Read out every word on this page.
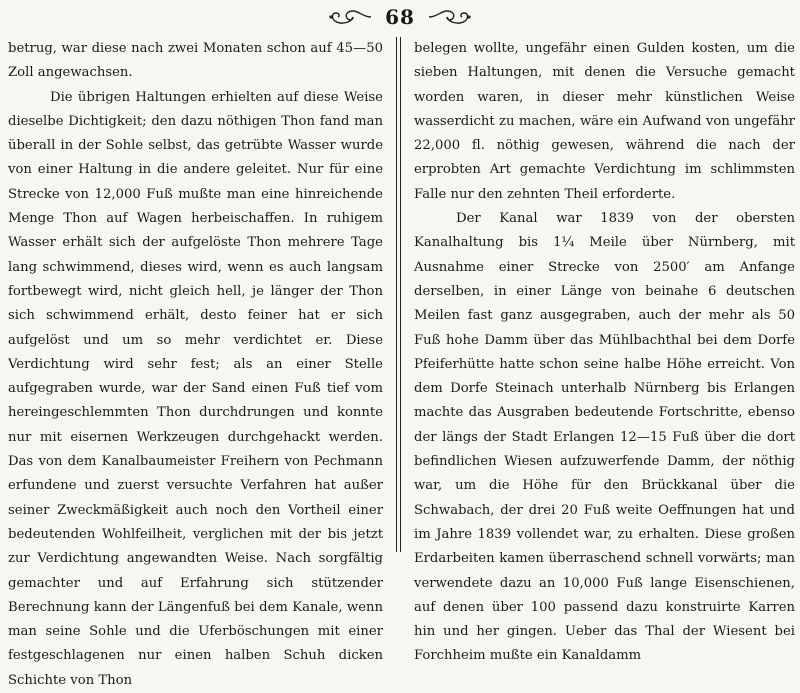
68

betrug, war diese nach zwei Monaten schon auf 45—50 Zoll angewachsen.

Die übrigen Haltungen erhielten auf diese Weise dieselbe Dichtigkeit; den dazu nöthigen Thon fand man überall in der Sohle selbst, das getrübte Wasser wurde von einer Haltung in die andere geleitet. Nur für eine Strecke von 12,000 Fuß mußte man eine hinreichende Menge Thon auf Wagen herbeischaffen. In ruhigem Wasser erhält sich der aufgelöste Thon mehrere Tage lang schwimmend, dieses wird, wenn es auch langsam fortbewegt wird, nicht gleich hell, je länger der Thon sich schwimmend erhält, desto feiner hat er sich aufgelöst und um so mehr verdichtet er. Diese Verdichtung wird sehr fest; als an einer Stelle aufgegraben wurde, war der Sand einen Fuß tief vom hereingeschlemmten Thon durchdrungen und konnte nur mit eisernen Werkzeugen durchgehackt werden. Das von dem Kanalbaumeister Freihern von Pechmann erfundene und zuerst versuchte Verfahren hat außer seiner Zweckmäßigkeit auch noch den Vortheil einer bedeutenden Wohlfeilheit, verglichen mit der bis jetzt zur Verdichtung angewandten Weise. Nach sorgfältig gemachter und auf Erfahrung sich stützender Berechnung kann der Längenfuß bei dem Kanale, wenn man seine Sohle und die Uferböschungen mit einer festgeschlagenen nur einen halben Schuh dicken Schichte von Thon

belegen wollte, ungefähr einen Gulden kosten, um die sieben Haltungen, mit denen die Versuche gemacht worden waren, in dieser mehr künstlichen Weise wasserdicht zu machen, wäre ein Aufwand von ungefähr 22,000 fl. nöthig gewesen, während die nach der erprobten Art gemachte Verdichtung im schlimmsten Falle nur den zehnten Theil erforderte.

Der Kanal war 1839 von der obersten Kanalhaltung bis 1¼ Meile über Nürnberg, mit Ausnahme einer Strecke von 2500′ am Anfange derselben, in einer Länge von beinahe 6 deutschen Meilen fast ganz ausgegraben, auch der mehr als 50 Fuß hohe Damm über das Mühlbachthal bei dem Dorfe Pfeiferhütte hatte schon seine halbe Höhe erreicht. Von dem Dorfe Steinach unterhalb Nürnberg bis Erlangen machte das Ausgraben bedeutende Fortschritte, ebenso der längs der Stadt Erlangen 12—15 Fuß über die dort befindlichen Wiesen aufzuwerfende Damm, der nöthig war, um die Höhe für den Brückkanal über die Schwabach, der drei 20 Fuß weite Oeffnungen hat und im Jahre 1839 vollendet war, zu erhalten. Diese großen Erdarbeiten kamen überraschend schnell vorwärts; man verwendete dazu an 10,000 Fuß lange Eisenschienen, auf denen über 100 passend dazu konstruirte Karren hin und her gingen. Ueber das Thal der Wiesent bei Forchheim mußte ein Kanaldamm
